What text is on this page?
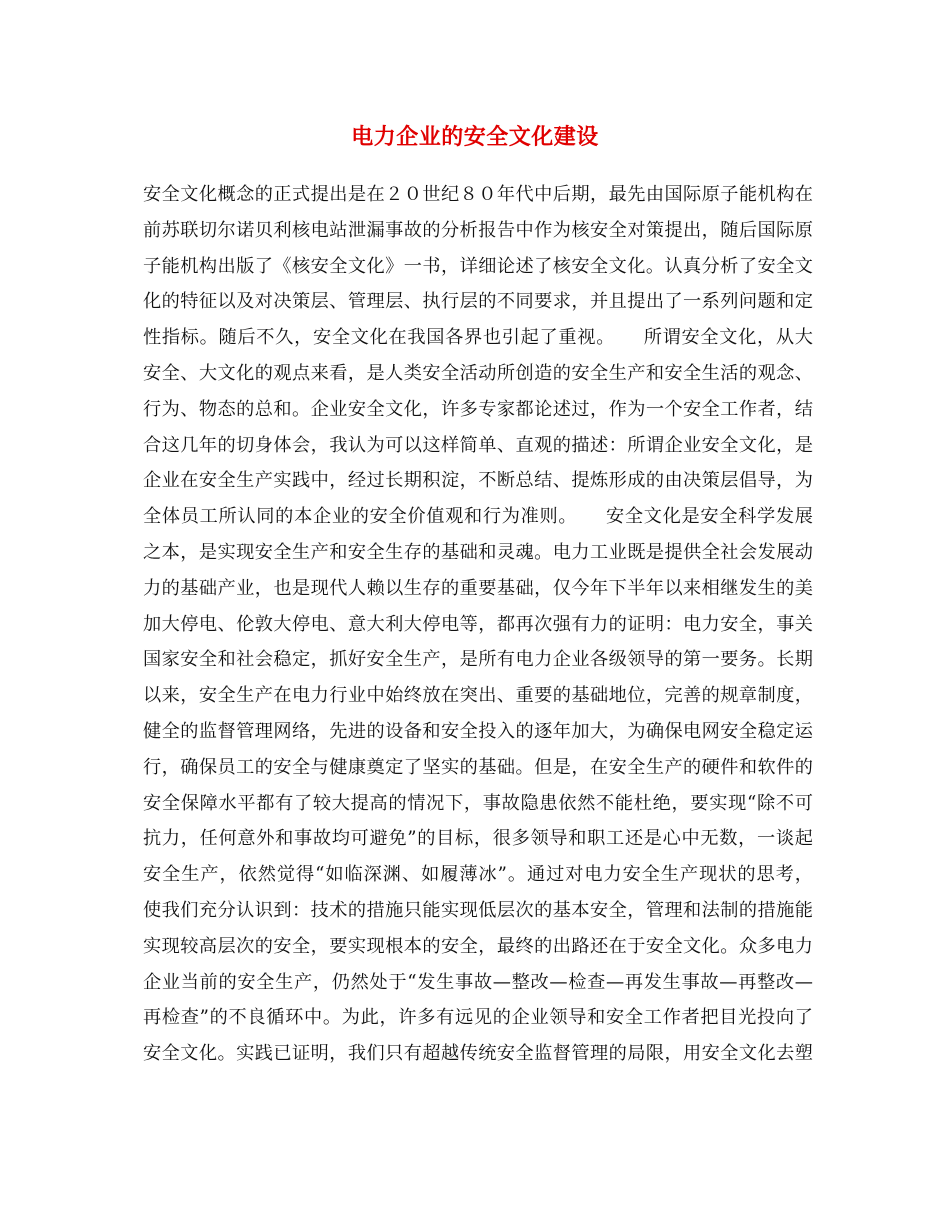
电力企业的安全文化建设
安全文化概念的正式提出是在２０世纪８０年代中后期，最先由国际原子能机构在
前苏联切尔诺贝利核电站泄漏事故的分析报告中作为核安全对策提出，随后国际原
子能机构出版了《核安全文化》一书，详细论述了核安全文化。认真分析了安全文
化的特征以及对决策层、管理层、执行层的不同要求，并且提出了一系列问题和定
性指标。随后不久，安全文化在我国各界也引起了重视。　　所谓安全文化，从大
安全、大文化的观点来看，是人类安全活动所创造的安全生产和安全生活的观念、
行为、物态的总和。企业安全文化，许多专家都论述过，作为一个安全工作者，结
合这几年的切身体会，我认为可以这样简单、直观的描述：所谓企业安全文化，是
企业在安全生产实践中，经过长期积淀，不断总结、提炼形成的由决策层倡导，为
全体员工所认同的本企业的安全价值观和行为准则。　　安全文化是安全科学发展
之本，是实现安全生产和安全生存的基础和灵魂。电力工业既是提供全社会发展动
力的基础产业，也是现代人赖以生存的重要基础，仅今年下半年以来相继发生的美
加大停电、伦敦大停电、意大利大停电等，都再次强有力的证明：电力安全，事关
国家安全和社会稳定，抓好安全生产，是所有电力企业各级领导的第一要务。长期
以来，安全生产在电力行业中始终放在突出、重要的基础地位，完善的规章制度，
健全的监督管理网络，先进的设备和安全投入的逐年加大，为确保电网安全稳定运
行，确保员工的安全与健康奠定了坚实的基础。但是，在安全生产的硬件和软件的
安全保障水平都有了较大提高的情况下，事故隐患依然不能杜绝，要实现“除不可
抗力，任何意外和事故均可避免”的目标，很多领导和职工还是心中无数，一谈起
安全生产，依然觉得“如临深渊、如履薄冰”。通过对电力安全生产现状的思考，
使我们充分认识到：技术的措施只能实现低层次的基本安全，管理和法制的措施能
实现较高层次的安全，要实现根本的安全，最终的出路还在于安全文化。众多电力
企业当前的安全生产，仍然处于“发生事故—整改—检查—再发生事故—再整改—
再检查”的不良循环中。为此，许多有远见的企业领导和安全工作者把目光投向了
安全文化。实践已证明，我们只有超越传统安全监督管理的局限，用安全文化去塑
